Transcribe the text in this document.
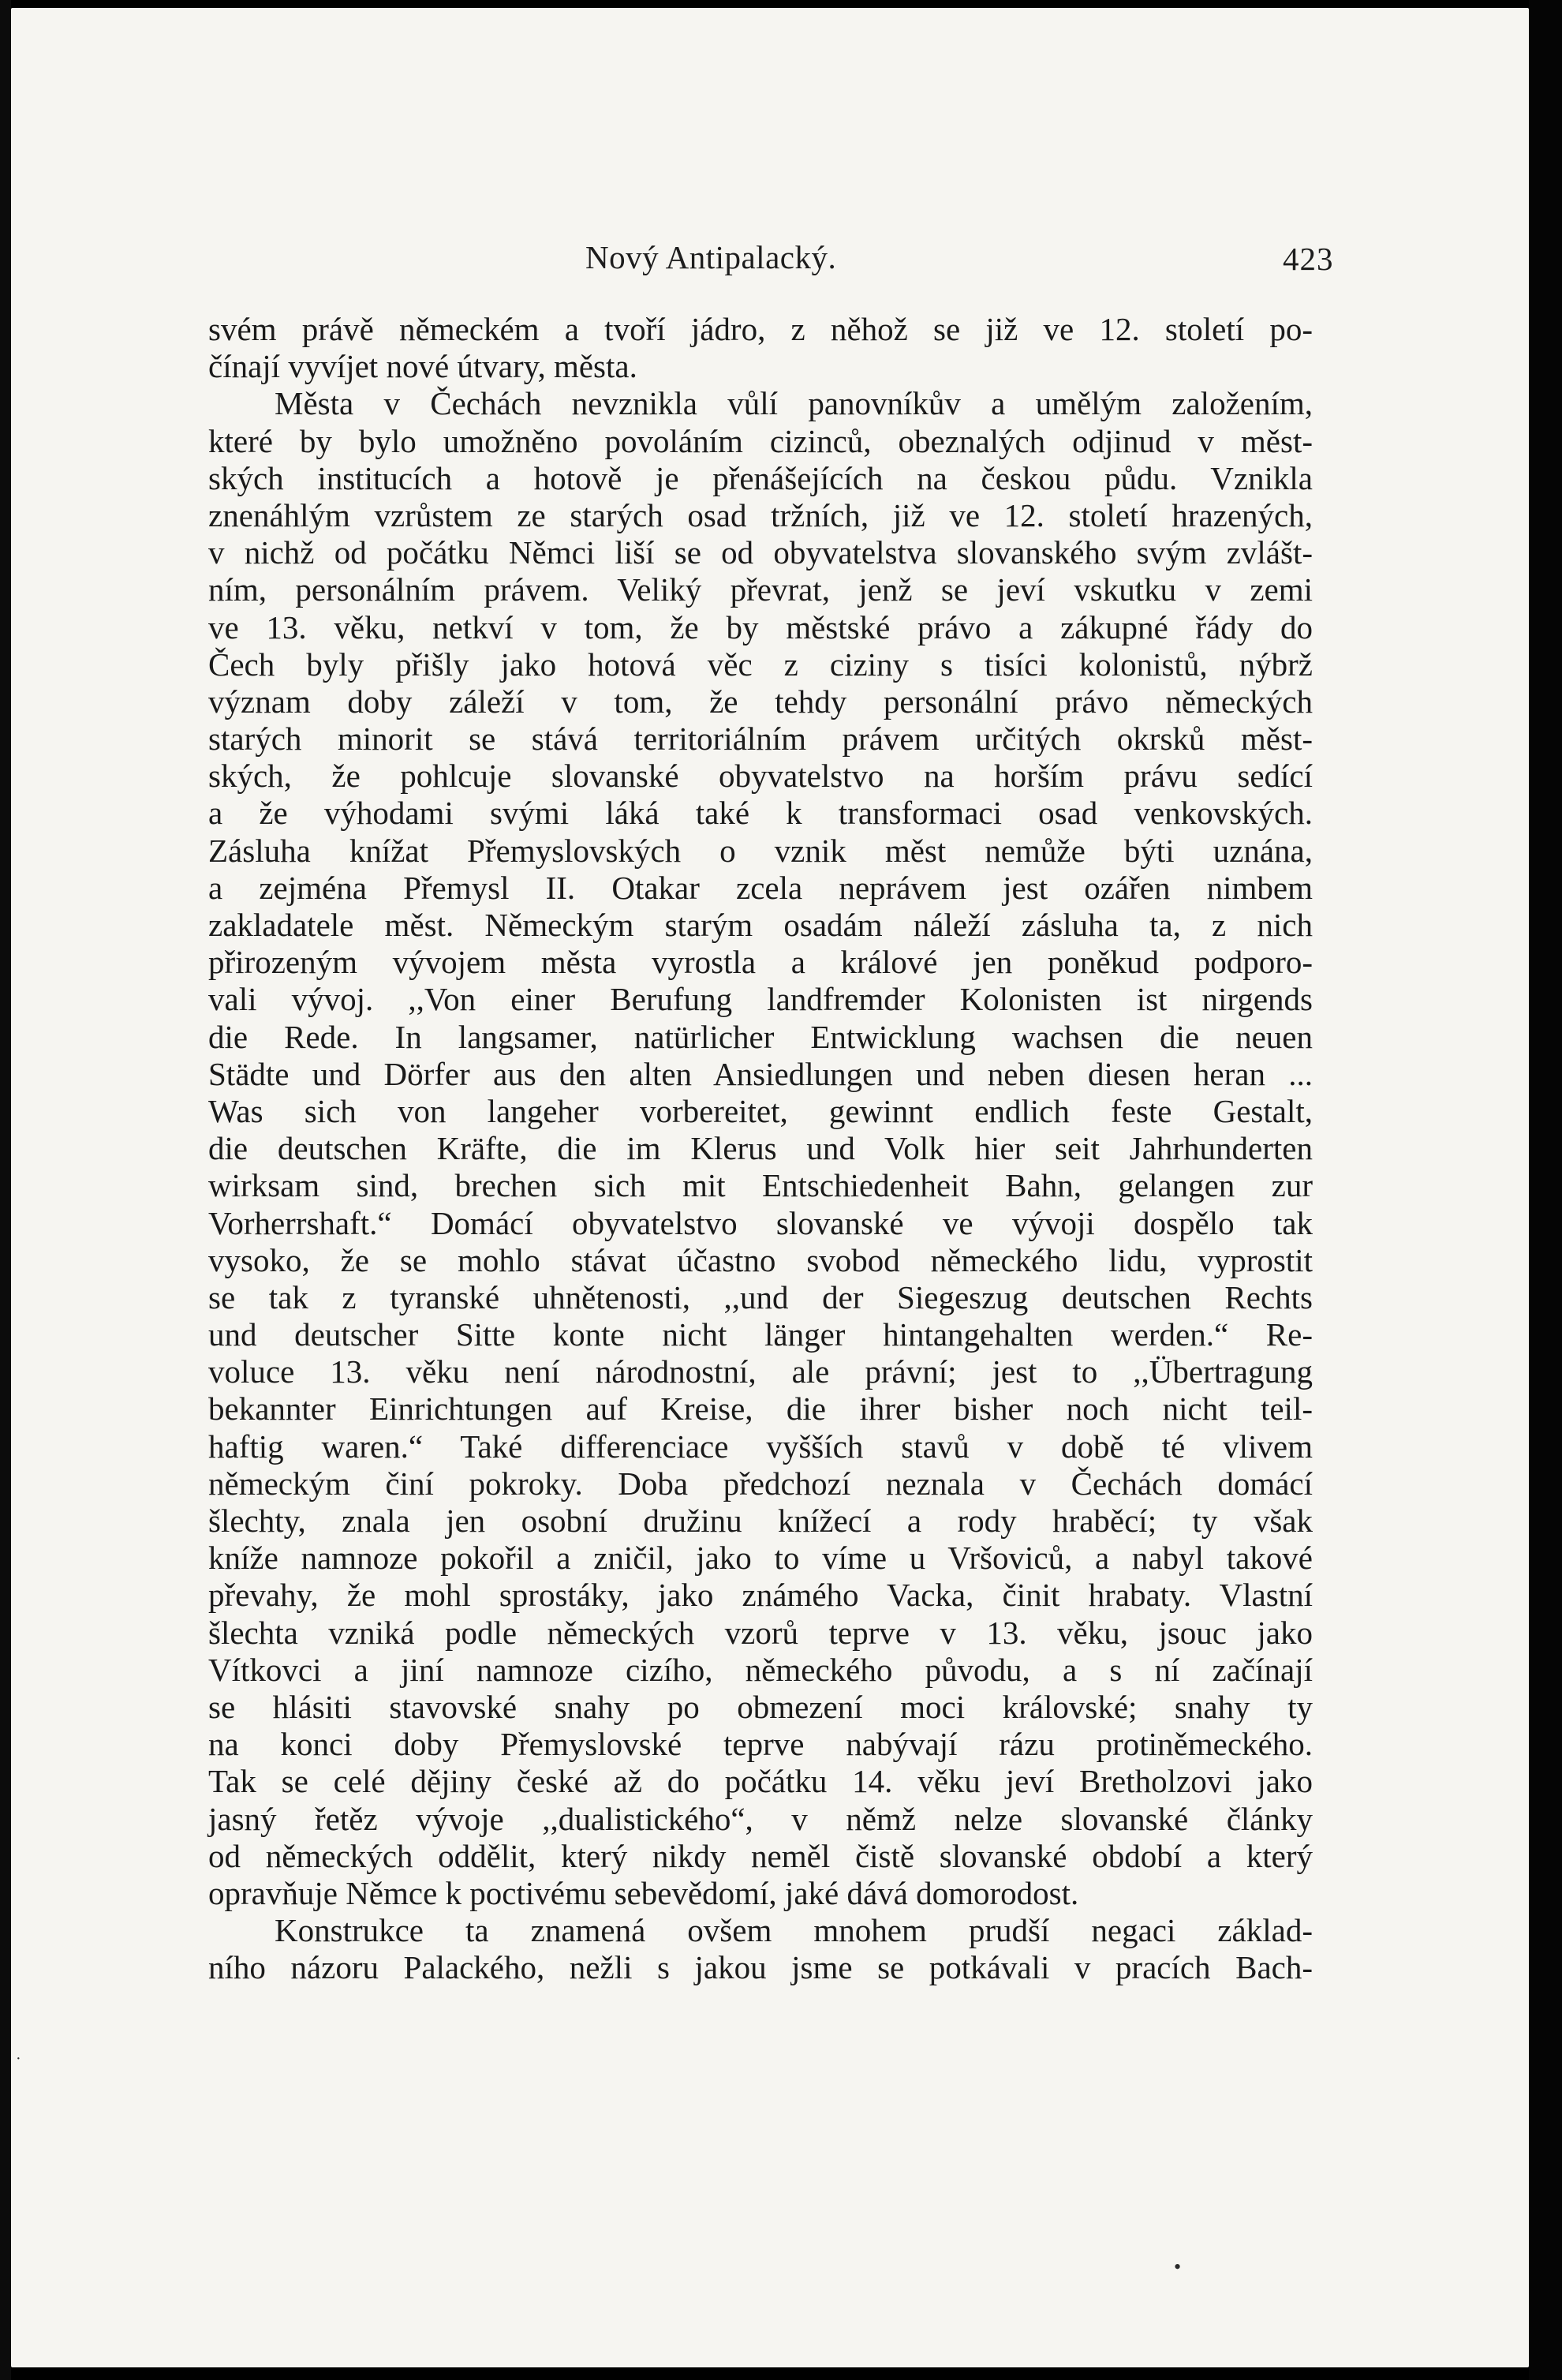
Nový Antipalacký.	423
svém právě německém a tvoří jádro, z něhož se již ve 12. století po-
čínají vyvíjet nové útvary, města.
Města v Čechách nevznikla vůlí panovníkův a umělým založením,
které by bylo umožněno povoláním cizinců, obeznalých odjinud v měst-
ských institucích a hotově je přenášejících na českou půdu. Vznikla
znenáhlým vzrůstem ze starých osad tržních, již ve 12. století hrazených,
v nichž od počátku Němci liší se od obyvatelstva slovanského svým zvlášt-
ním, personálním právem. Veliký převrat, jenž se jeví vskutku v zemi
ve 13. věku, netkví v tom, že by městské právo a zákupné řády do
Čech byly přišly jako hotová věc z ciziny s tisíci kolonistů, nýbrž
význam doby záleží v tom, že tehdy personální právo německých
starých minorit se stává territoriálním právem určitých okrsků měst-
ských, že pohlcuje slovanské obyvatelstvo na horším právu sedící
a že výhodami svými láká také k transformaci osad venkovských.
Zásluha knížat Přemyslovských o vznik měst nemůže býti uznána,
a zejména Přemysl II. Otakar zcela neprávem jest ozářen nimbem
zakladatele měst. Německým starým osadám náleží zásluha ta, z nich
přirozeným vývojem města vyrostla a králové jen poněkud podporo-
vali vývoj. ,,Von einer Berufung landfremder Kolonisten ist nirgends
die Rede. In langsamer, natürlicher Entwicklung wachsen die neuen
Städte und Dörfer aus den alten Ansiedlungen und neben diesen heran ...
Was sich von langeher vorbereitet, gewinnt endlich feste Gestalt,
die deutschen Kräfte, die im Klerus und Volk hier seit Jahrhunderten
wirksam sind, brechen sich mit Entschiedenheit Bahn, gelangen zur
Vorherrshaft.“ Domácí obyvatelstvo slovanské ve vývoji dospělo tak
vysoko, že se mohlo stávat účastno svobod německého lidu, vyprostit
se tak z tyranské uhnětenosti, ,,und der Siegeszug deutschen Rechts
und deutscher Sitte konte nicht länger hintangehalten werden.“ Re-
voluce 13. věku není národnostní, ale právní; jest to ,,Übertragung
bekannter Einrichtungen auf Kreise, die ihrer bisher noch nicht teil-
haftig waren.“ Také differenciace vyšších stavů v době té vlivem
německým činí pokroky. Doba předchozí neznala v Čechách domácí
šlechty, znala jen osobní družinu knížecí a rody hraběcí; ty však
kníže namnoze pokořil a zničil, jako to víme u Vršoviců, a nabyl takové
převahy, že mohl sprostáky, jako známého Vacka, činit hrabaty. Vlastní
šlechta vzniká podle německých vzorů teprve v 13. věku, jsouc jako
Vítkovci a jiní namnoze cizího, německého původu, a s ní začínají
se hlásiti stavovské snahy po obmezení moci královské; snahy ty
na konci doby Přemyslovské teprve nabývají rázu protiněmeckého.
Tak se celé dějiny české až do počátku 14. věku jeví Bretholzovi jako
jasný řetěz vývoje ,,dualistického“, v němž nelze slovanské články
od německých oddělit, který nikdy neměl čistě slovanské období a který
opravňuje Němce k poctivému sebevědomí, jaké dává domorodost.
Konstrukce ta znamená ovšem mnohem prudší negaci základ-
ního názoru Palackého, nežli s jakou jsme se potkávali v pracích Bach-
·
•
